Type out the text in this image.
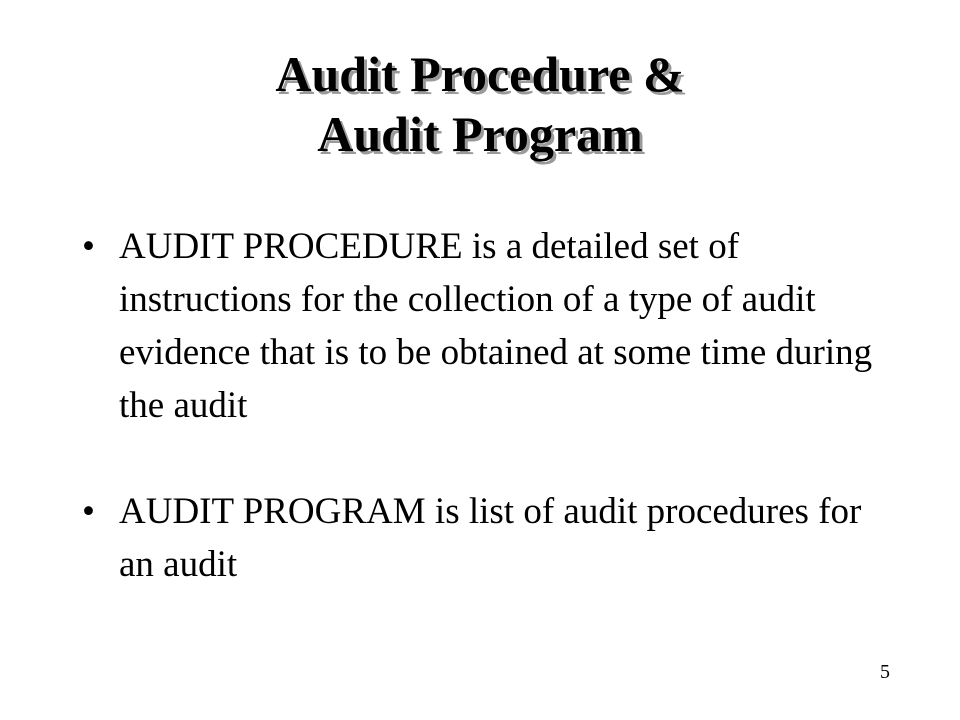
Audit Procedure &
Audit Program
• AUDIT PROCEDURE is a detailed set of instructions for the collection of a type of audit evidence that is to be obtained at some time during the audit
• AUDIT PROGRAM is list of audit procedures for an audit
5
